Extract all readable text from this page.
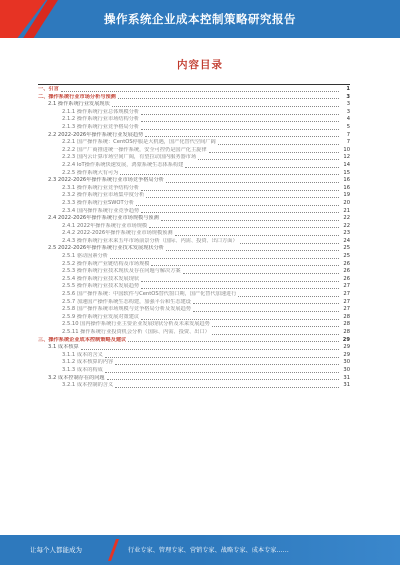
操作系统企业成本控制策略研究报告
内容目录
一、引言	1
二、操作系统行业市场分析与预测	3
2.1 操作系统行业发展现状	3
2.1.1 操作系统行业总体规模分析	3
2.1.2 操作系统行业市场结构分析	4
2.1.3 操作系统行业竞争格局分析	5
2.2 2022-2026年操作系统行业发展趋势	7
2.2.1 国产操作系统：CentOS停服是大机遇，国产化替代空间广阔	7
2.2.2 国产厂商推进统一操作系统，安全可控仍是国产化主旋律	10
2.2.3 国内云计算市场空间广阔，有望拉动国内服务器市场	12
2.2.4 IoT操作系统快速发展，鸿蒙系统生态体系构建	14
2.2.5 操作系统大有可为	15
2.3 2022-2026年操作系统行业市场竞争格局分析	16
2.3.1 操作系统行业竞争结构分析	16
2.3.2 操作系统行业市场集中度分析	19
2.3.3 操作系统行业SWOT分析	20
2.3.4 国内操作系统行业竞争趋势	21
2.4 2022-2026年操作系统行业市场规模与预测	22
2.4.1 2022年操作系统行业市场规模	22
2.4.2 2022-2026年操作系统行业市场规模预测	23
2.4.3 操作系统行业未来五年市场前景分析（国际、内需、投资、出口方面）	24
2.5 2022-2026年操作系统行业技术发展现状分析	25
2.5.1 驱动因素分析	25
2.5.2 操作系统产业链结构及市场规模	26
2.5.3 操作系统行业技术现状及存在问题与解决方案	26
2.5.4 操作系统行业技术发展现状	26
2.5.5 操作系统行业技术发展趋势	27
2.5.6 国产操作系统：中国软件与CentOS替代窗口期，国产化替代加速进行	27
2.5.7 加速国产操作系统生态构建，加强平台和生态建设	27
2.5.8 国产操作系统市场规模与竞争格局分析及发展趋势	27
2.5.9 操作系统行业发展对策建议	28
2.5.10 国内操作系统行业主要企业发展现状分析及未来发展趋势	28
2.5.11 操作系统行业投资机会分析（国际、内需、投资、出口）	28
三、操作系统企业成本控制策略及建议	29
3.1 成本核算	29
3.1.1 成本的含义	29
3.1.2 成本核算的内容	30
3.1.3 成本的构成	30
3.2 成本控制存在的问题	31
3.2.1 成本控制的含义	31
让每个人都能成为	行业专家、管理专家、营销专家、战略专家、成本专家……
